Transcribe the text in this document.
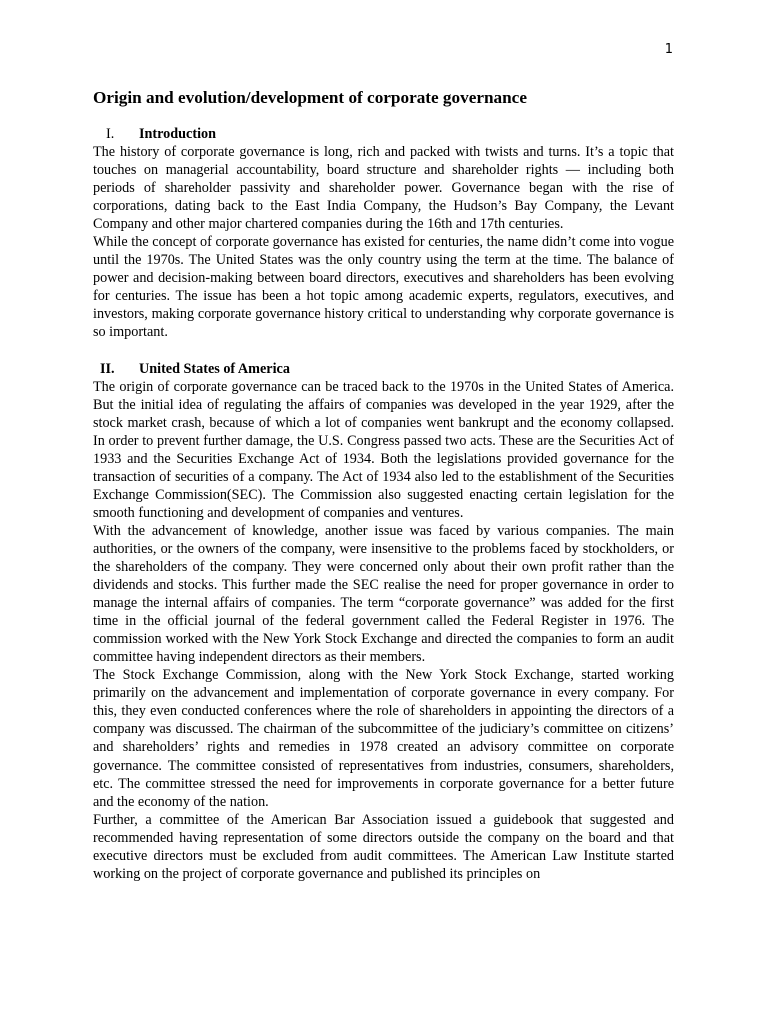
1
Origin and evolution/development of corporate governance
I.	Introduction

The history of corporate governance is long, rich and packed with twists and turns. It’s a topic that touches on managerial accountability, board structure and shareholder rights — including both periods of shareholder passivity and shareholder power. Governance began with the rise of corporations, dating back to the East India Company, the Hudson’s Bay Company, the Levant Company and other major chartered companies during the 16th and 17th centuries.

While the concept of corporate governance has existed for centuries, the name didn’t come into vogue until the 1970s. The United States was the only country using the term at the time. The balance of power and decision-making between board directors, executives and shareholders has been evolving for centuries. The issue has been a hot topic among academic experts, regulators, executives, and investors, making corporate governance history critical to understanding why corporate governance is so important.

II.	United States of America

The origin of corporate governance can be traced back to the 1970s in the United States of America. But the initial idea of regulating the affairs of companies was developed in the year 1929, after the stock market crash, because of which a lot of companies went bankrupt and the economy collapsed. In order to prevent further damage, the U.S. Congress passed two acts. These are the Securities Act of 1933 and the Securities Exchange Act of 1934. Both the legislations provided governance for the transaction of securities of a company. The Act of 1934 also led to the establishment of the Securities Exchange Commission(SEC). The Commission also suggested enacting certain legislation for the smooth functioning and development of companies and ventures.

With the advancement of knowledge, another issue was faced by various companies. The main authorities, or the owners of the company, were insensitive to the problems faced by stockholders, or the shareholders of the company. They were concerned only about their own profit rather than the dividends and stocks. This further made the SEC realise the need for proper governance in order to manage the internal affairs of companies. The term “corporate governance” was added for the first time in the official journal of the federal government called the Federal Register in 1976. The commission worked with the New York Stock Exchange and directed the companies to form an audit committee having independent directors as their members.

The Stock Exchange Commission, along with the New York Stock Exchange, started working primarily on the advancement and implementation of corporate governance in every company. For this, they even conducted conferences where the role of shareholders in appointing the directors of a company was discussed. The chairman of the subcommittee of the judiciary’s committee on citizens’ and shareholders’ rights and remedies in 1978 created an advisory committee on corporate governance. The committee consisted of representatives from industries, consumers, shareholders, etc. The committee stressed the need for improvements in corporate governance for a better future and the economy of the nation.

Further, a committee of the American Bar Association issued a guidebook that suggested and recommended having representation of some directors outside the company on the board and that executive directors must be excluded from audit committees. The American Law Institute started working on the project of corporate governance and published its principles on
